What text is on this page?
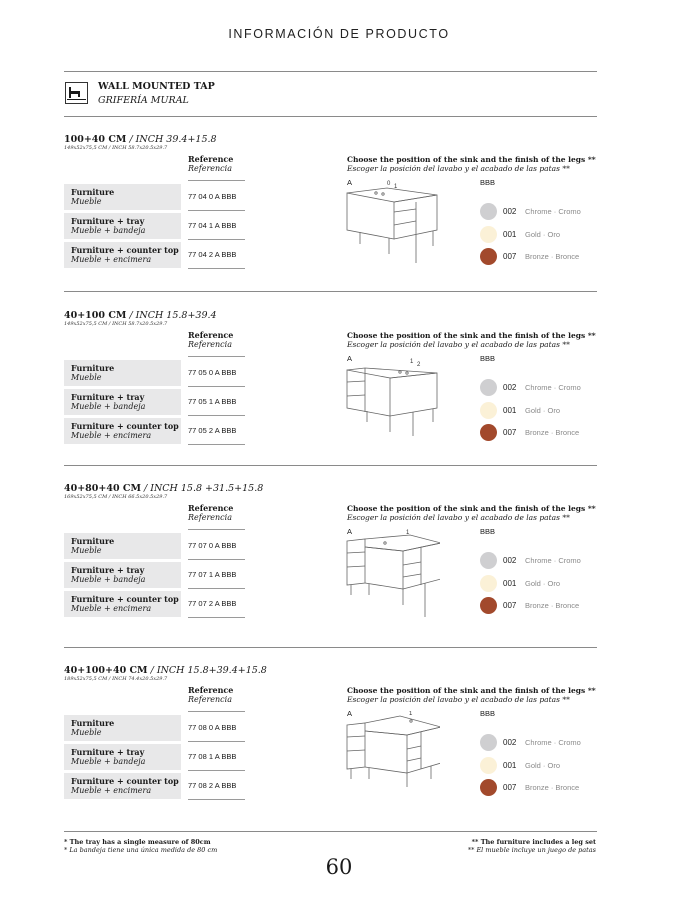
INFORMACIÓN DE PRODUCTO
WALL MOUNTED TAP
GRIFERÍA MURAL
100+40 CM / INCH 39.4+15.8
149x52x75,5 CM / INCH 58.7x20.5x29.7
Reference
Referencia
Furniture
Mueble
77 04 0 A BBB
Furniture + tray
Mueble + bandeja
77 04 1 A BBB
Furniture + counter top
Mueble + encimera
77 04 2 A BBB
Choose the position of the sink and the finish of the legs **
Escoger la posición del lavabo y el acabado de las patas **
A	0 1	BBB
002 Chrome · Cromo
001 Gold · Oro
007 Bronze · Bronce
40+100 CM / INCH 15.8+39.4
149x52x75,5 CM / INCH 58.7x20.5x29.7
Reference
Referencia
Furniture
Mueble
77 05 0 A BBB
Furniture + tray
Mueble + bandeja
77 05 1 A BBB
Furniture + counter top
Mueble + encimera
77 05 2 A BBB
Choose the position of the sink and the finish of the legs **
Escoger la posición del lavabo y el acabado de las patas **
A	1 2
BBB
002 Chrome · Cromo
001 Gold · Oro
007 Bronze · Bronce
40+80+40 CM / INCH 15.8 +31.5+15.8
169x52x75,5 CM / INCH 66.5x20.5x29.7
Reference
Referencia
Furniture
Mueble
77 07 0 A BBB
Furniture + tray
Mueble + bandeja
77 07 1 A BBB
Furniture + counter top
Mueble + encimera
77 07 2 A BBB
Choose the position of the sink and the finish of the legs **
Escoger la posición del lavabo y el acabado de las patas **
A	1	BBB
002 Chrome · Cromo
001 Gold · Oro
007 Bronze · Bronce
40+100+40 CM / INCH 15.8+39.4+15.8
189x52x75,5 CM / INCH 74.4x20.5x29.7
Reference
Referencia
Furniture
Mueble
77 08 0 A BBB
Furniture + tray
Mueble + bandeja
77 08 1 A BBB
Furniture + counter top
Mueble + encimera
77 08 2 A BBB
Choose the position of the sink and the finish of the legs **
Escoger la posición del lavabo y el acabado de las patas **
A	1	BBB
002 Chrome · Cromo
001 Gold · Oro
007 Bronze · Bronce
* The tray has a single measure of 80cm
* La bandeja tiene una única medida de 80 cm
** The furniture includes a leg set
** El mueble incluye un juego de patas
60
